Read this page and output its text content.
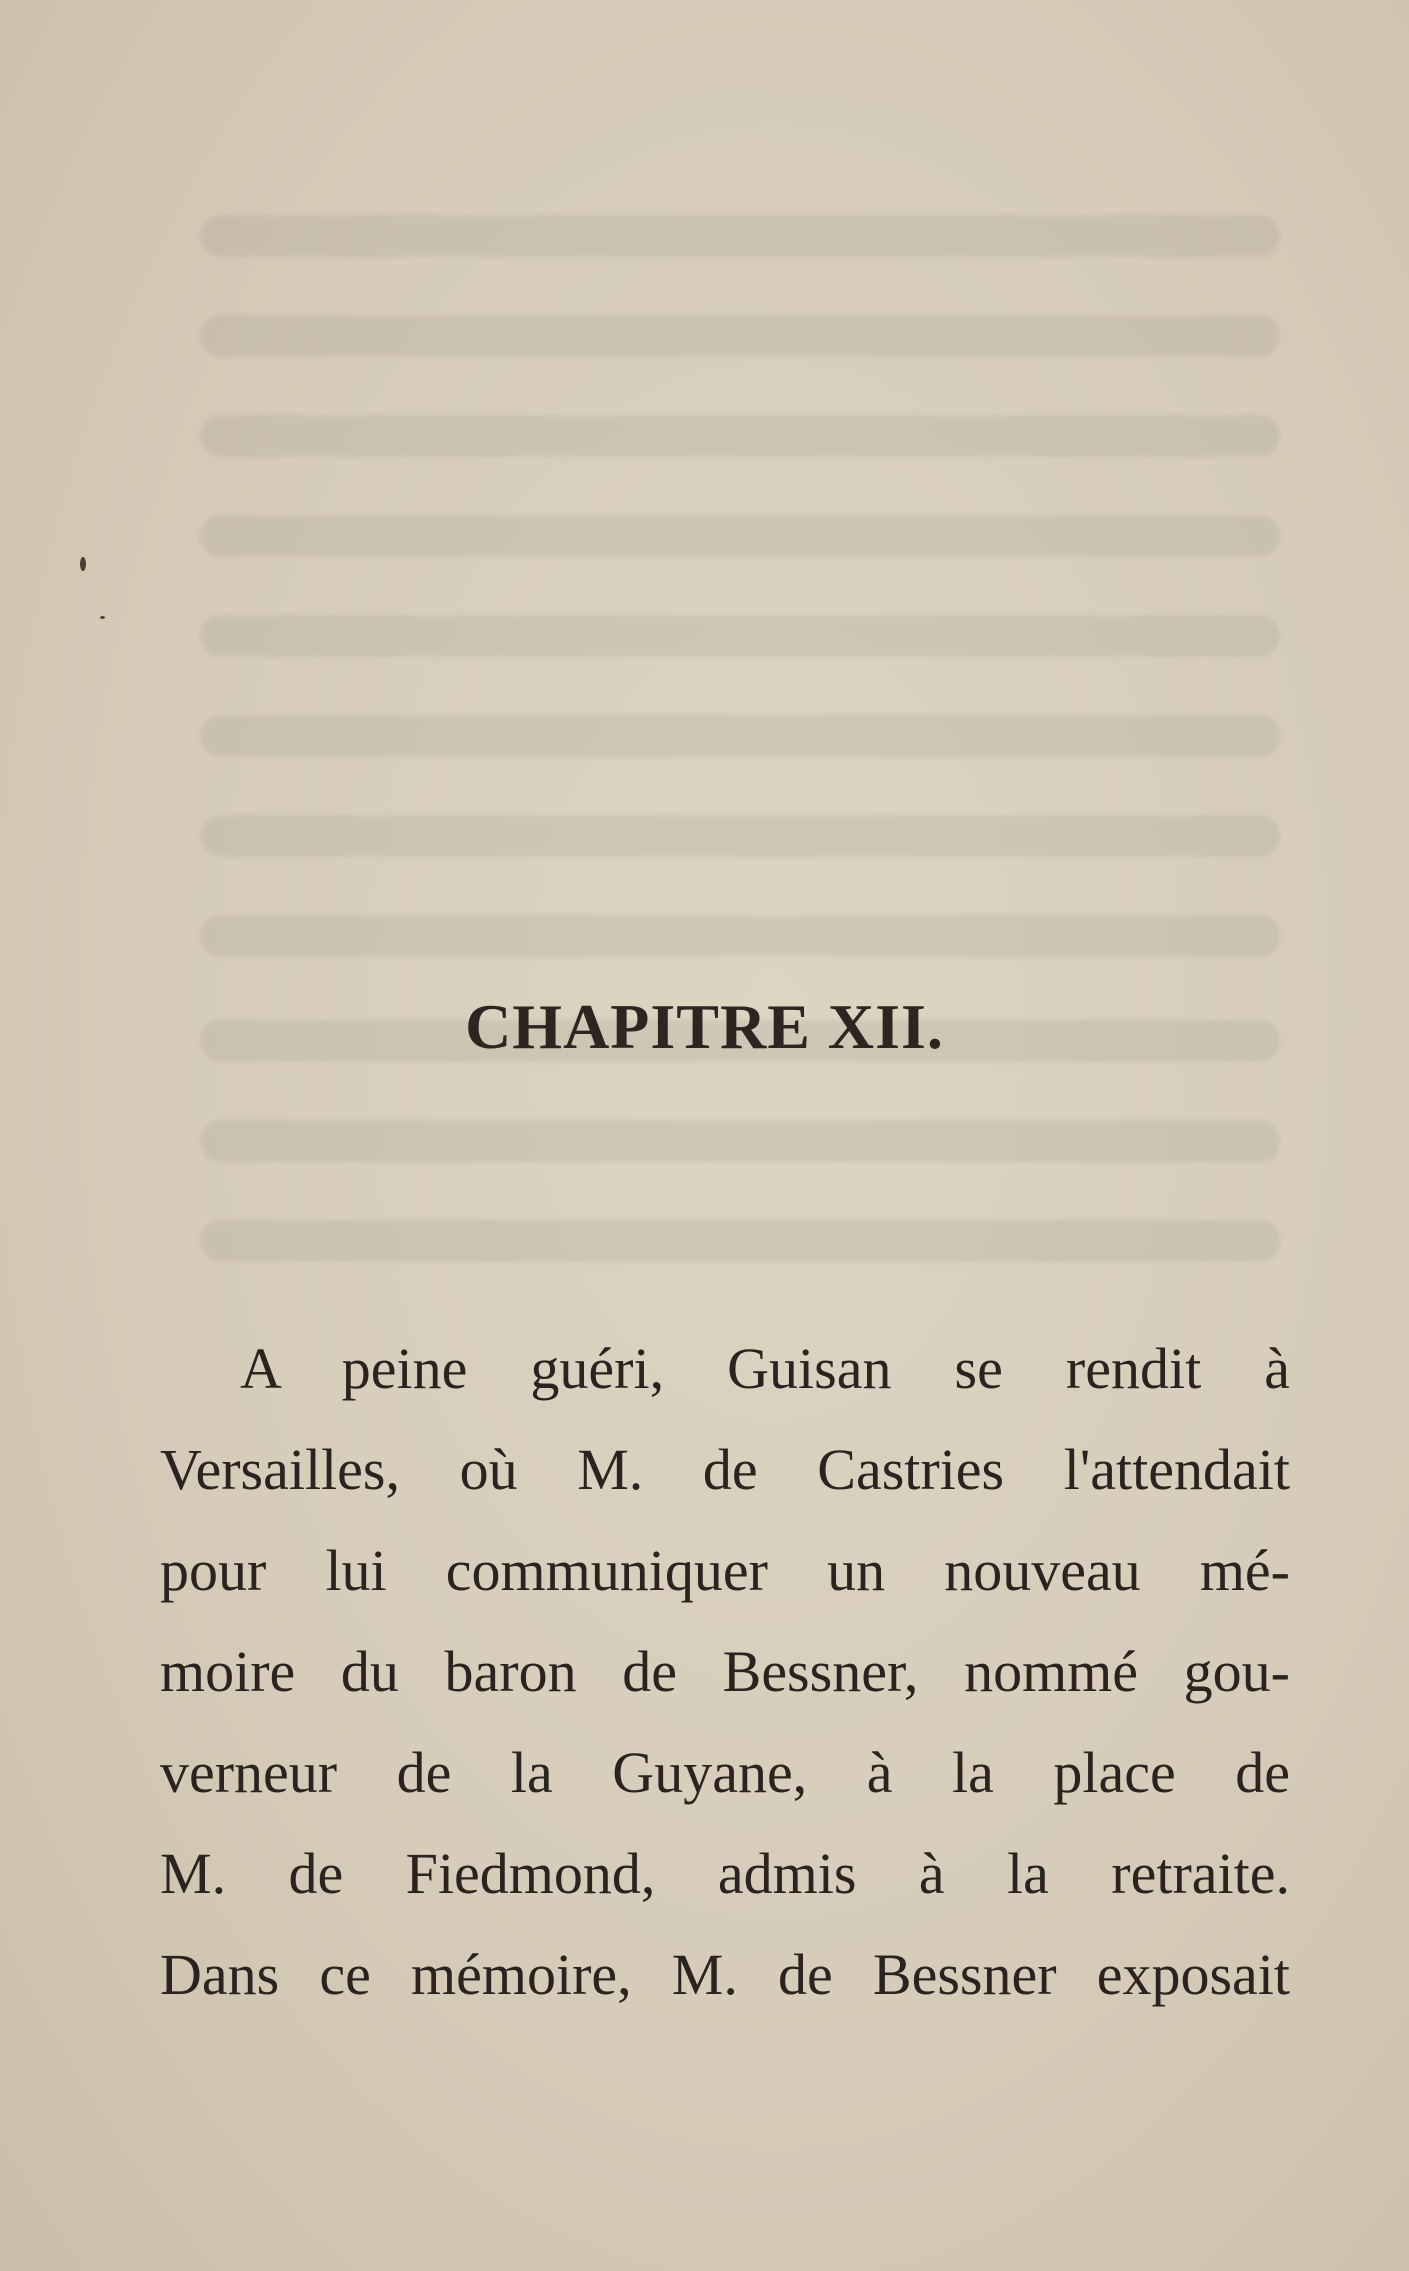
CHAPITRE XII.
A peine guéri, Guisan se rendit à
Versailles, où M. de Castries l'attendait
pour lui communiquer un nouveau mé-
moire du baron de Bessner, nommé gou-
verneur de la Guyane, à la place de
M. de Fiedmond, admis à la retraite.
Dans ce mémoire, M. de Bessner exposait
